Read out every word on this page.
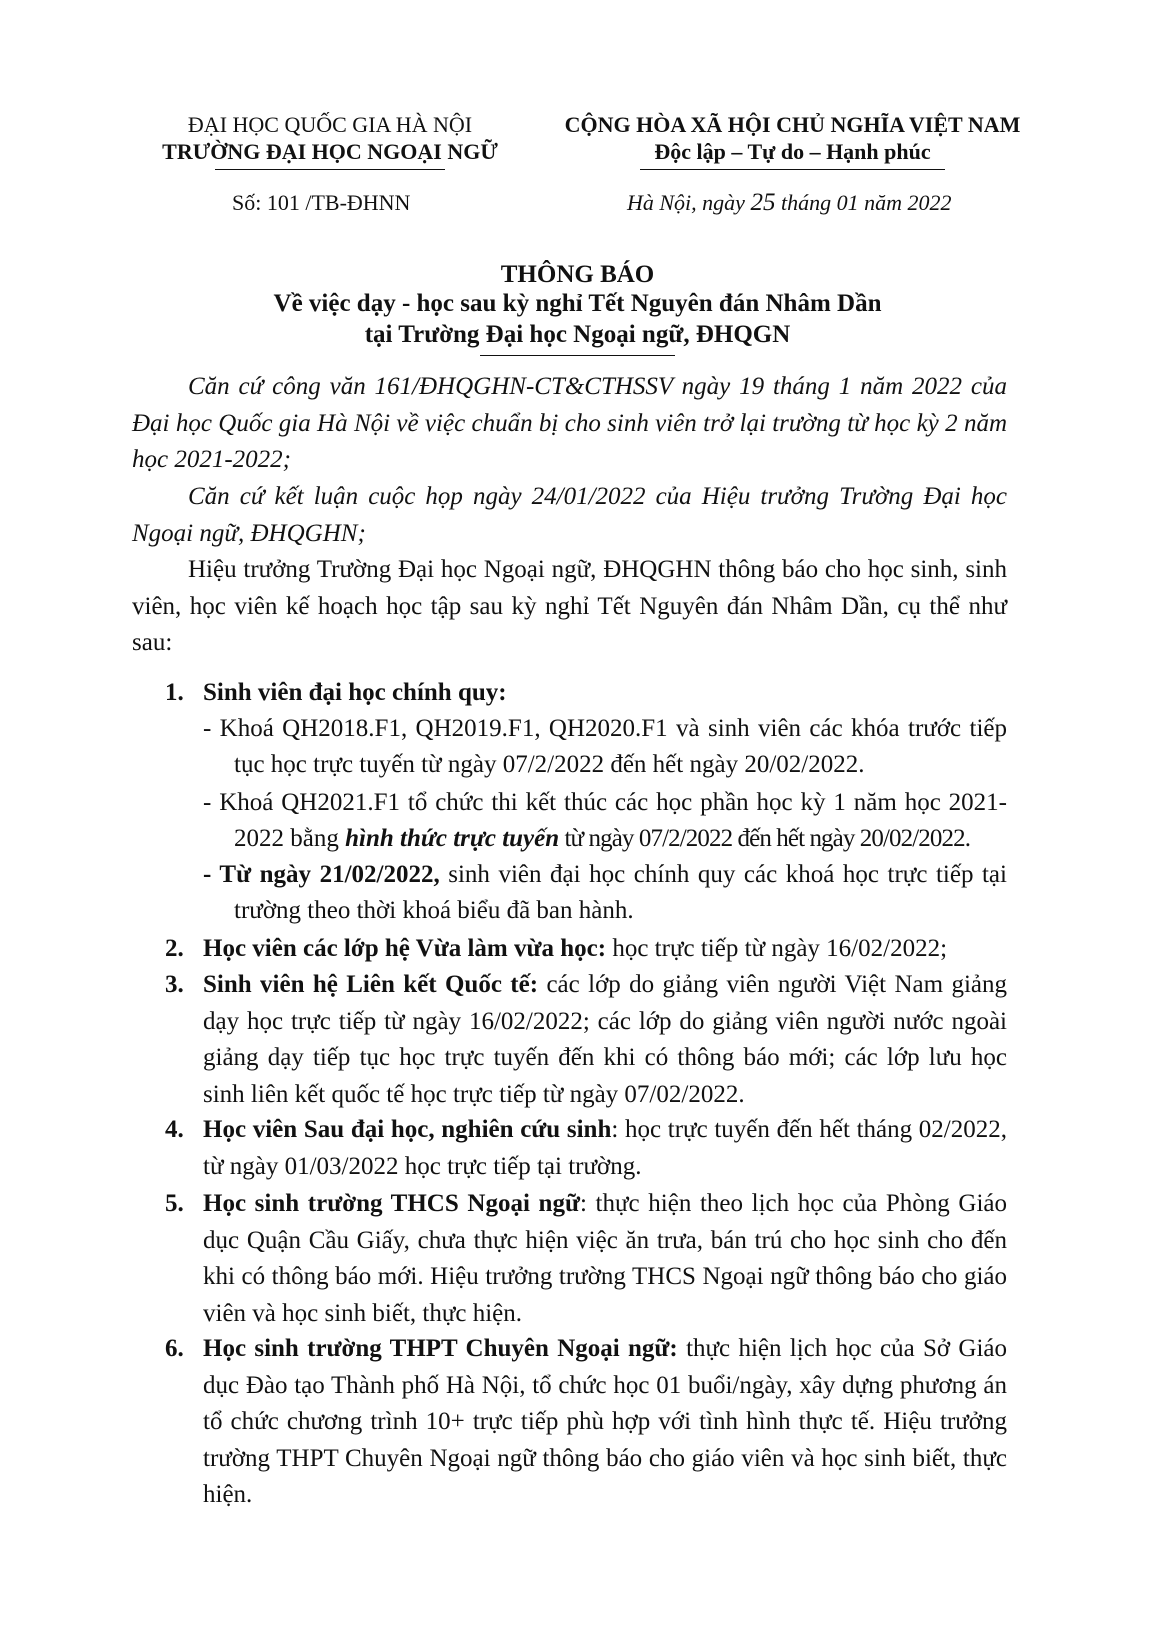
ĐẠI HỌC QUỐC GIA HÀ NỘI
TRƯỜNG ĐẠI HỌC NGOẠI NGỮ
CỘNG HÒA XÃ HỘI CHỦ NGHĨA VIỆT NAM
Độc lập – Tự do – Hạnh phúc
Số: 101 /TB-ĐHNN	Hà Nội, ngày 25 tháng 01 năm 2022
THÔNG BÁO
Về việc dạy - học sau kỳ nghỉ Tết Nguyên đán Nhâm Dần
tại Trường Đại học Ngoại ngữ, ĐHQGN
Căn cứ công văn 161/ĐHQGHN-CT&CTHSSV ngày 19 tháng 1 năm 2022 của Đại học Quốc gia Hà Nội về việc chuẩn bị cho sinh viên trở lại trường từ học kỳ 2 năm học 2021-2022;
Căn cứ kết luận cuộc họp ngày 24/01/2022 của Hiệu trưởng Trường Đại học Ngoại ngữ, ĐHQGHN;
Hiệu trưởng Trường Đại học Ngoại ngữ, ĐHQGHN thông báo cho học sinh, sinh viên, học viên kế hoạch học tập sau kỳ nghỉ Tết Nguyên đán Nhâm Dần, cụ thể như sau:
1. Sinh viên đại học chính quy:
- Khoá QH2018.F1, QH2019.F1, QH2020.F1 và sinh viên các khóa trước tiếp
tục học trực tuyến từ ngày 07/2/2022 đến hết ngày 20/02/2022.
- Khoá QH2021.F1 tổ chức thi kết thúc các học phần học kỳ 1 năm học 2021-
2022 bằng hình thức trực tuyến từ ngày 07/2/2022 đến hết ngày 20/02/2022.
- Từ ngày 21/02/2022, sinh viên đại học chính quy các khoá học trực tiếp tại
trường theo thời khoá biểu đã ban hành.
2. Học viên các lớp hệ Vừa làm vừa học: học trực tiếp từ ngày 16/02/2022;
3. Sinh viên hệ Liên kết Quốc tế: các lớp do giảng viên người Việt Nam giảng dạy học trực tiếp từ ngày 16/02/2022; các lớp do giảng viên người nước ngoài giảng dạy tiếp tục học trực tuyến đến khi có thông báo mới; các lớp lưu học sinh liên kết quốc tế học trực tiếp từ ngày 07/02/2022.
4. Học viên Sau đại học, nghiên cứu sinh: học trực tuyến đến hết tháng 02/2022, từ ngày 01/03/2022 học trực tiếp tại trường.
5. Học sinh trường THCS Ngoại ngữ: thực hiện theo lịch học của Phòng Giáo dục Quận Cầu Giấy, chưa thực hiện việc ăn trưa, bán trú cho học sinh cho đến khi có thông báo mới. Hiệu trưởng trường THCS Ngoại ngữ thông báo cho giáo viên và học sinh biết, thực hiện.
6. Học sinh trường THPT Chuyên Ngoại ngữ: thực hiện lịch học của Sở Giáo dục Đào tạo Thành phố Hà Nội, tổ chức học 01 buổi/ngày, xây dựng phương án tổ chức chương trình 10+ trực tiếp phù hợp với tình hình thực tế. Hiệu trưởng trường THPT Chuyên Ngoại ngữ thông báo cho giáo viên và học sinh biết, thực hiện.
